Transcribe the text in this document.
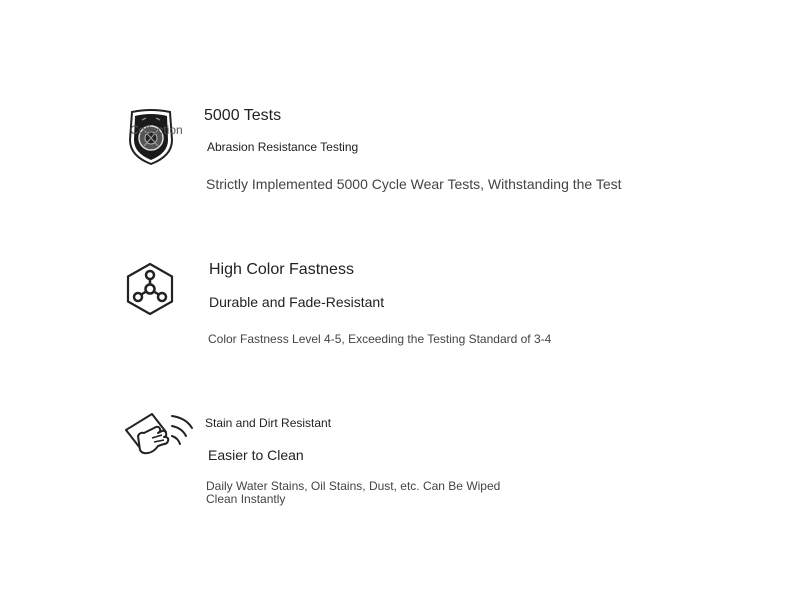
Collection
5000 Tests
Abrasion Resistance Testing
Strictly Implemented 5000 Cycle Wear Tests, Withstanding the Test
High Color Fastness
Durable and Fade-Resistant
Color Fastness Level 4-5, Exceeding the Testing Standard of 3-4
Stain and Dirt Resistant
Easier to Clean
Daily Water Stains, Oil Stains, Dust, etc. Can Be Wiped Clean Instantly
